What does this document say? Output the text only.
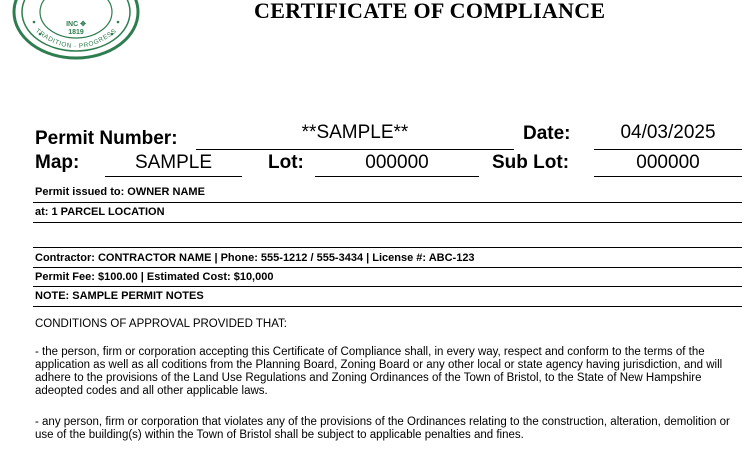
INC ✥
1819
TRADITION · PROGRESS
CERTIFICATE OF COMPLIANCE
Permit Number:	**SAMPLE**	Date:	04/03/2025
Map:	SAMPLE	Lot:	000000	Sub Lot:	000000
Permit issued to: OWNER NAME
at: 1 PARCEL LOCATION
Contractor: CONTRACTOR NAME | Phone: 555-1212 / 555-3434 | License #: ABC-123
Permit Fee: $100.00 | Estimated Cost: $10,000
NOTE: SAMPLE PERMIT NOTES
CONDITIONS OF APPROVAL PROVIDED THAT:
- the person, firm or corporation accepting this Certificate of Compliance shall, in every way, respect and conform to the terms of the application as well as all coditions from the Planning Board, Zoning Board or any other local or state agency having jurisdiction, and will adhere to the provisions of the Land Use Regulations and Zoning Ordinances of the Town of Bristol, to the State of New Hampshire adeopted codes and all other applicable laws.
- any person, firm or corporation that violates any of the provisions of the Ordinances relating to the construction, alteration, demolition or use of the building(s) within the Town of Bristol shall be subject to applicable penalties and fines.
